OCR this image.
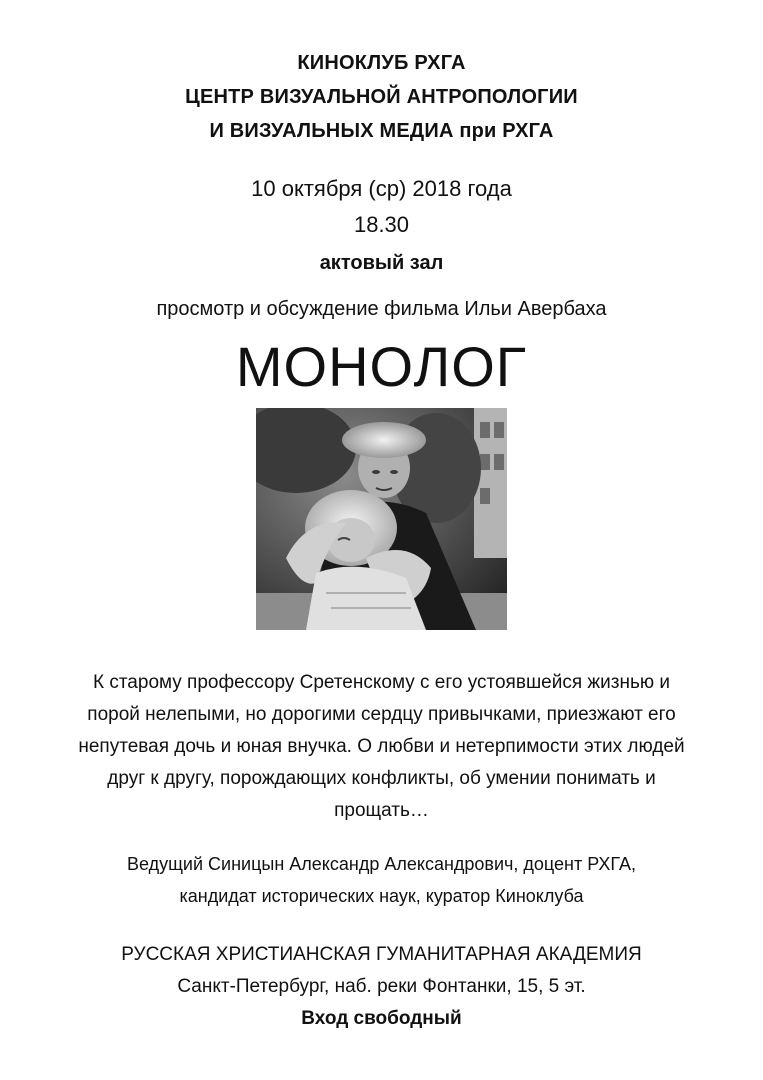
КИНОКЛУБ РХГА
ЦЕНТР ВИЗУАЛЬНОЙ АНТРОПОЛОГИИ
И ВИЗУАЛЬНЫХ МЕДИА при РХГА
10 октября (ср) 2018 года
18.30
актовый зал
просмотр и обсуждение фильма Ильи Авербаха
МОНОЛОГ
К старому профессору Сретенскому с его устоявшейся жизнью и
порой нелепыми, но дорогими сердцу привычками, приезжают его
непутевая дочь и юная внучка. О любви и нетерпимости этих людей
друг к другу, порождающих конфликты, об умении понимать и
прощать…
Ведущий Синицын Александр Александрович, доцент РХГА,
кандидат исторических наук, куратор Киноклуба
РУССКАЯ ХРИСТИАНСКАЯ ГУМАНИТАРНАЯ АКАДЕМИЯ
Санкт-Петербург, наб. реки Фонтанки, 15, 5 эт.
Вход свободный
